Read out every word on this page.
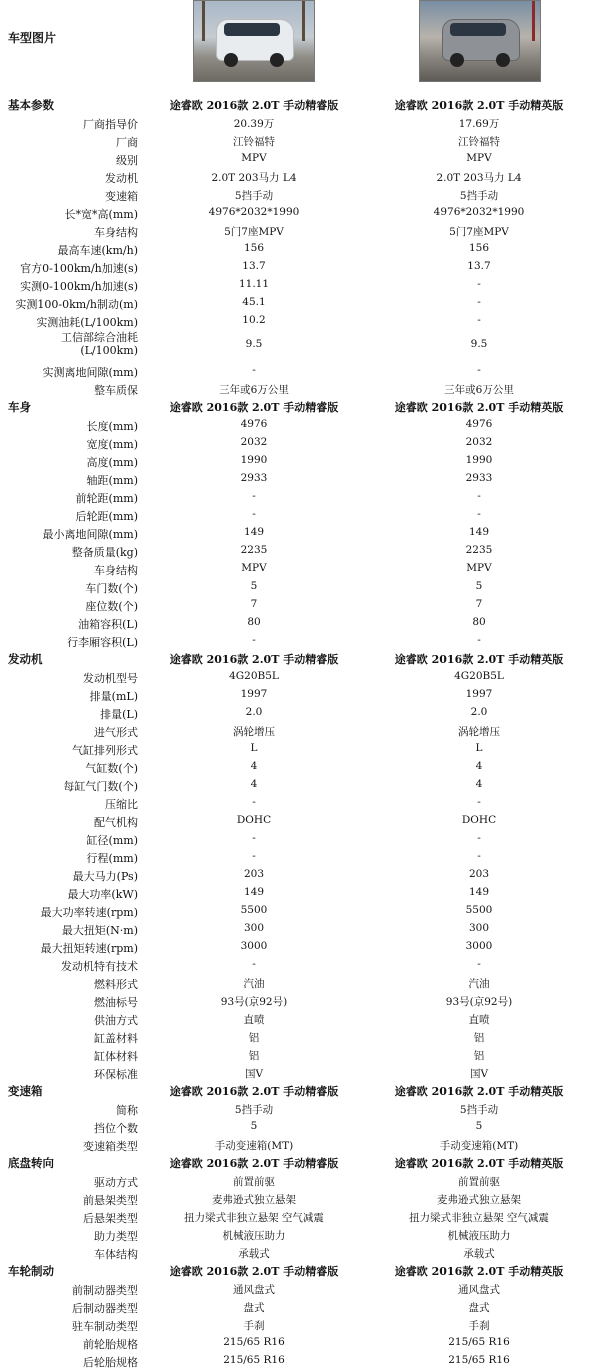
车型图片
基本参数	途睿欧 2016款 2.0T 手动精睿版	途睿欧 2016款 2.0T 手动精英版
厂商指导价	20.39万	17.69万
厂商	江铃福特	江铃福特
级别	MPV	MPV
发动机	2.0T 203马力 L4	2.0T 203马力 L4
变速箱	5挡手动	5挡手动
长*宽*高(mm)	4976*2032*1990	4976*2032*1990
车身结构	5门7座MPV	5门7座MPV
最高车速(km/h)	156	156
官方0-100km/h加速(s)	13.7	13.7
实测0-100km/h加速(s)	11.11	-
实测100-0km/h制动(m)	45.1	-
实测油耗(L/100km)	10.2	-
工信部综合油耗(L/100km)	9.5	9.5
实测离地间隙(mm)	-	-
整车质保	三年或6万公里	三年或6万公里
车身	途睿欧 2016款 2.0T 手动精睿版	途睿欧 2016款 2.0T 手动精英版
长度(mm)	4976	4976
宽度(mm)	2032	2032
高度(mm)	1990	1990
轴距(mm)	2933	2933
前轮距(mm)	-	-
后轮距(mm)	-	-
最小离地间隙(mm)	149	149
整备质量(kg)	2235	2235
车身结构	MPV	MPV
车门数(个)	5	5
座位数(个)	7	7
油箱容积(L)	80	80
行李厢容积(L)	-	-
发动机	途睿欧 2016款 2.0T 手动精睿版	途睿欧 2016款 2.0T 手动精英版
发动机型号	4G20B5L	4G20B5L
排量(mL)	1997	1997
排量(L)	2.0	2.0
进气形式	涡轮增压	涡轮增压
气缸排列形式	L	L
气缸数(个)	4	4
每缸气门数(个)	4	4
压缩比	-	-
配气机构	DOHC	DOHC
缸径(mm)	-	-
行程(mm)	-	-
最大马力(Ps)	203	203
最大功率(kW)	149	149
最大功率转速(rpm)	5500	5500
最大扭矩(N·m)	300	300
最大扭矩转速(rpm)	3000	3000
发动机特有技术	-	-
燃料形式	汽油	汽油
燃油标号	93号(京92号)	93号(京92号)
供油方式	直喷	直喷
缸盖材料	铝	铝
缸体材料	铝	铝
环保标准	国V	国V
变速箱	途睿欧 2016款 2.0T 手动精睿版	途睿欧 2016款 2.0T 手动精英版
简称	5挡手动	5挡手动
挡位个数	5	5
变速箱类型	手动变速箱(MT)	手动变速箱(MT)
底盘转向	途睿欧 2016款 2.0T 手动精睿版	途睿欧 2016款 2.0T 手动精英版
驱动方式	前置前驱	前置前驱
前悬架类型	麦弗逊式独立悬架	麦弗逊式独立悬架
后悬架类型	扭力梁式非独立悬架 空气减震	扭力梁式非独立悬架 空气减震
助力类型	机械液压助力	机械液压助力
车体结构	承载式	承载式
车轮制动	途睿欧 2016款 2.0T 手动精睿版	途睿欧 2016款 2.0T 手动精英版
前制动器类型	通风盘式	通风盘式
后制动器类型	盘式	盘式
驻车制动类型	手刹	手刹
前轮胎规格	215/65 R16	215/65 R16
后轮胎规格	215/65 R16	215/65 R16
